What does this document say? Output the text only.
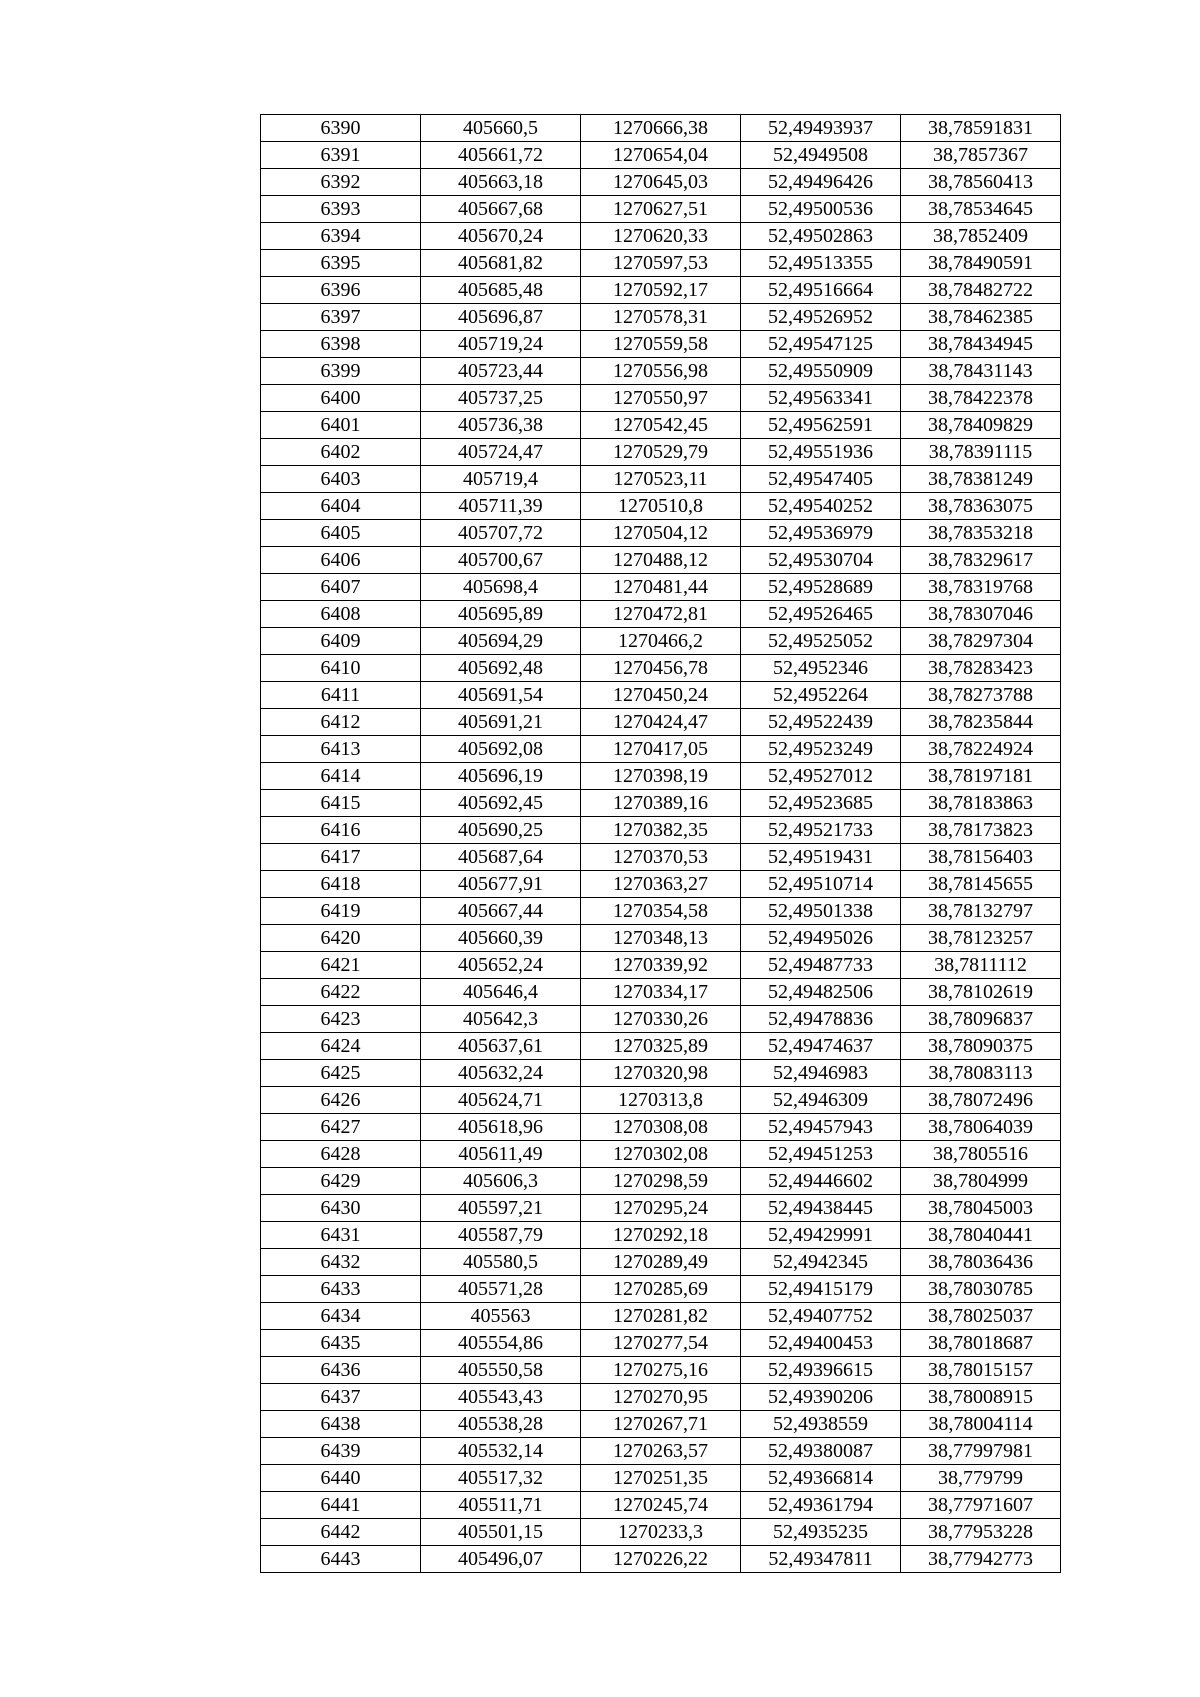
6390	405660,5	1270666,38	52,49493937	38,78591831
6391	405661,72	1270654,04	52,4949508	38,7857367
6392	405663,18	1270645,03	52,49496426	38,78560413
6393	405667,68	1270627,51	52,49500536	38,78534645
6394	405670,24	1270620,33	52,49502863	38,7852409
6395	405681,82	1270597,53	52,49513355	38,78490591
6396	405685,48	1270592,17	52,49516664	38,78482722
6397	405696,87	1270578,31	52,49526952	38,78462385
6398	405719,24	1270559,58	52,49547125	38,78434945
6399	405723,44	1270556,98	52,49550909	38,78431143
6400	405737,25	1270550,97	52,49563341	38,78422378
6401	405736,38	1270542,45	52,49562591	38,78409829
6402	405724,47	1270529,79	52,49551936	38,78391115
6403	405719,4	1270523,11	52,49547405	38,78381249
6404	405711,39	1270510,8	52,49540252	38,78363075
6405	405707,72	1270504,12	52,49536979	38,78353218
6406	405700,67	1270488,12	52,49530704	38,78329617
6407	405698,4	1270481,44	52,49528689	38,78319768
6408	405695,89	1270472,81	52,49526465	38,78307046
6409	405694,29	1270466,2	52,49525052	38,78297304
6410	405692,48	1270456,78	52,4952346	38,78283423
6411	405691,54	1270450,24	52,4952264	38,78273788
6412	405691,21	1270424,47	52,49522439	38,78235844
6413	405692,08	1270417,05	52,49523249	38,78224924
6414	405696,19	1270398,19	52,49527012	38,78197181
6415	405692,45	1270389,16	52,49523685	38,78183863
6416	405690,25	1270382,35	52,49521733	38,78173823
6417	405687,64	1270370,53	52,49519431	38,78156403
6418	405677,91	1270363,27	52,49510714	38,78145655
6419	405667,44	1270354,58	52,49501338	38,78132797
6420	405660,39	1270348,13	52,49495026	38,78123257
6421	405652,24	1270339,92	52,49487733	38,7811112
6422	405646,4	1270334,17	52,49482506	38,78102619
6423	405642,3	1270330,26	52,49478836	38,78096837
6424	405637,61	1270325,89	52,49474637	38,78090375
6425	405632,24	1270320,98	52,4946983	38,78083113
6426	405624,71	1270313,8	52,4946309	38,78072496
6427	405618,96	1270308,08	52,49457943	38,78064039
6428	405611,49	1270302,08	52,49451253	38,7805516
6429	405606,3	1270298,59	52,49446602	38,7804999
6430	405597,21	1270295,24	52,49438445	38,78045003
6431	405587,79	1270292,18	52,49429991	38,78040441
6432	405580,5	1270289,49	52,4942345	38,78036436
6433	405571,28	1270285,69	52,49415179	38,78030785
6434	405563	1270281,82	52,49407752	38,78025037
6435	405554,86	1270277,54	52,49400453	38,78018687
6436	405550,58	1270275,16	52,49396615	38,78015157
6437	405543,43	1270270,95	52,49390206	38,78008915
6438	405538,28	1270267,71	52,4938559	38,78004114
6439	405532,14	1270263,57	52,49380087	38,77997981
6440	405517,32	1270251,35	52,49366814	38,779799
6441	405511,71	1270245,74	52,49361794	38,77971607
6442	405501,15	1270233,3	52,4935235	38,77953228
6443	405496,07	1270226,22	52,49347811	38,77942773
